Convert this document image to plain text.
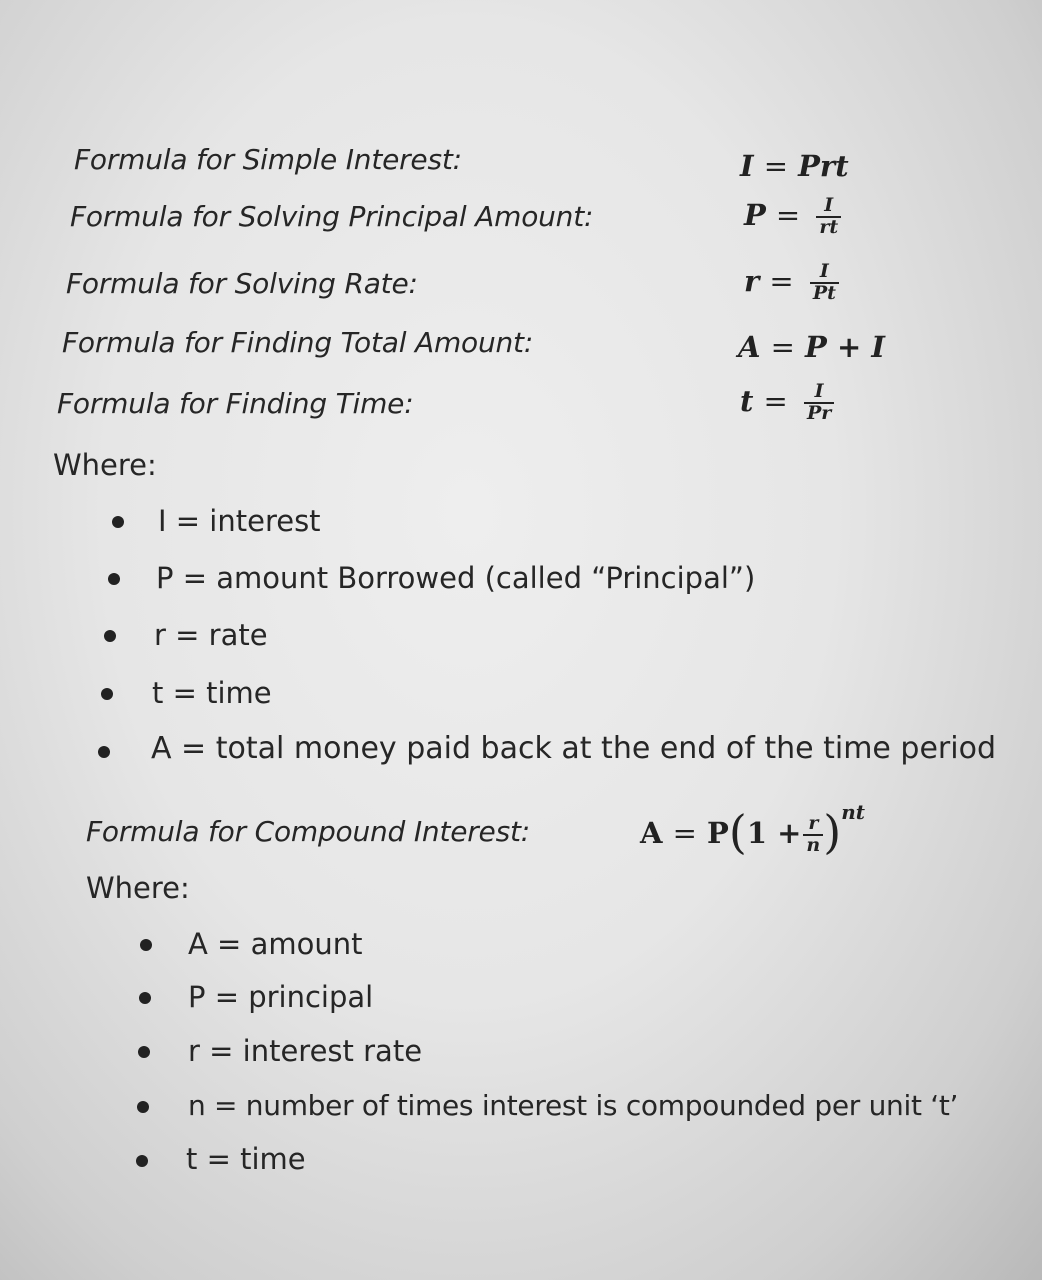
Formula for Simple Interest:
Formula for Solving Principal Amount:
Formula for Solving Rate:
Formula for Finding Total Amount:
Formula for Finding Time:
I = Prt
$P = \frac{I}{rt}$
$r = \frac{I}{Pt}$
A = P + I
$t = \frac{I}{Pr}$
Where:
I = interest
P = amount Borrowed (called “Principal”)
r = rate
t = time
A = total money paid back at the end of the time period
Formula for Compound Interest:	$A = P(1 + \frac{r}{n} )^{nt}$
Where:
A = amount
P = principal
r = interest rate
n = number of times interest is compounded per unit ‘t’
t = time
